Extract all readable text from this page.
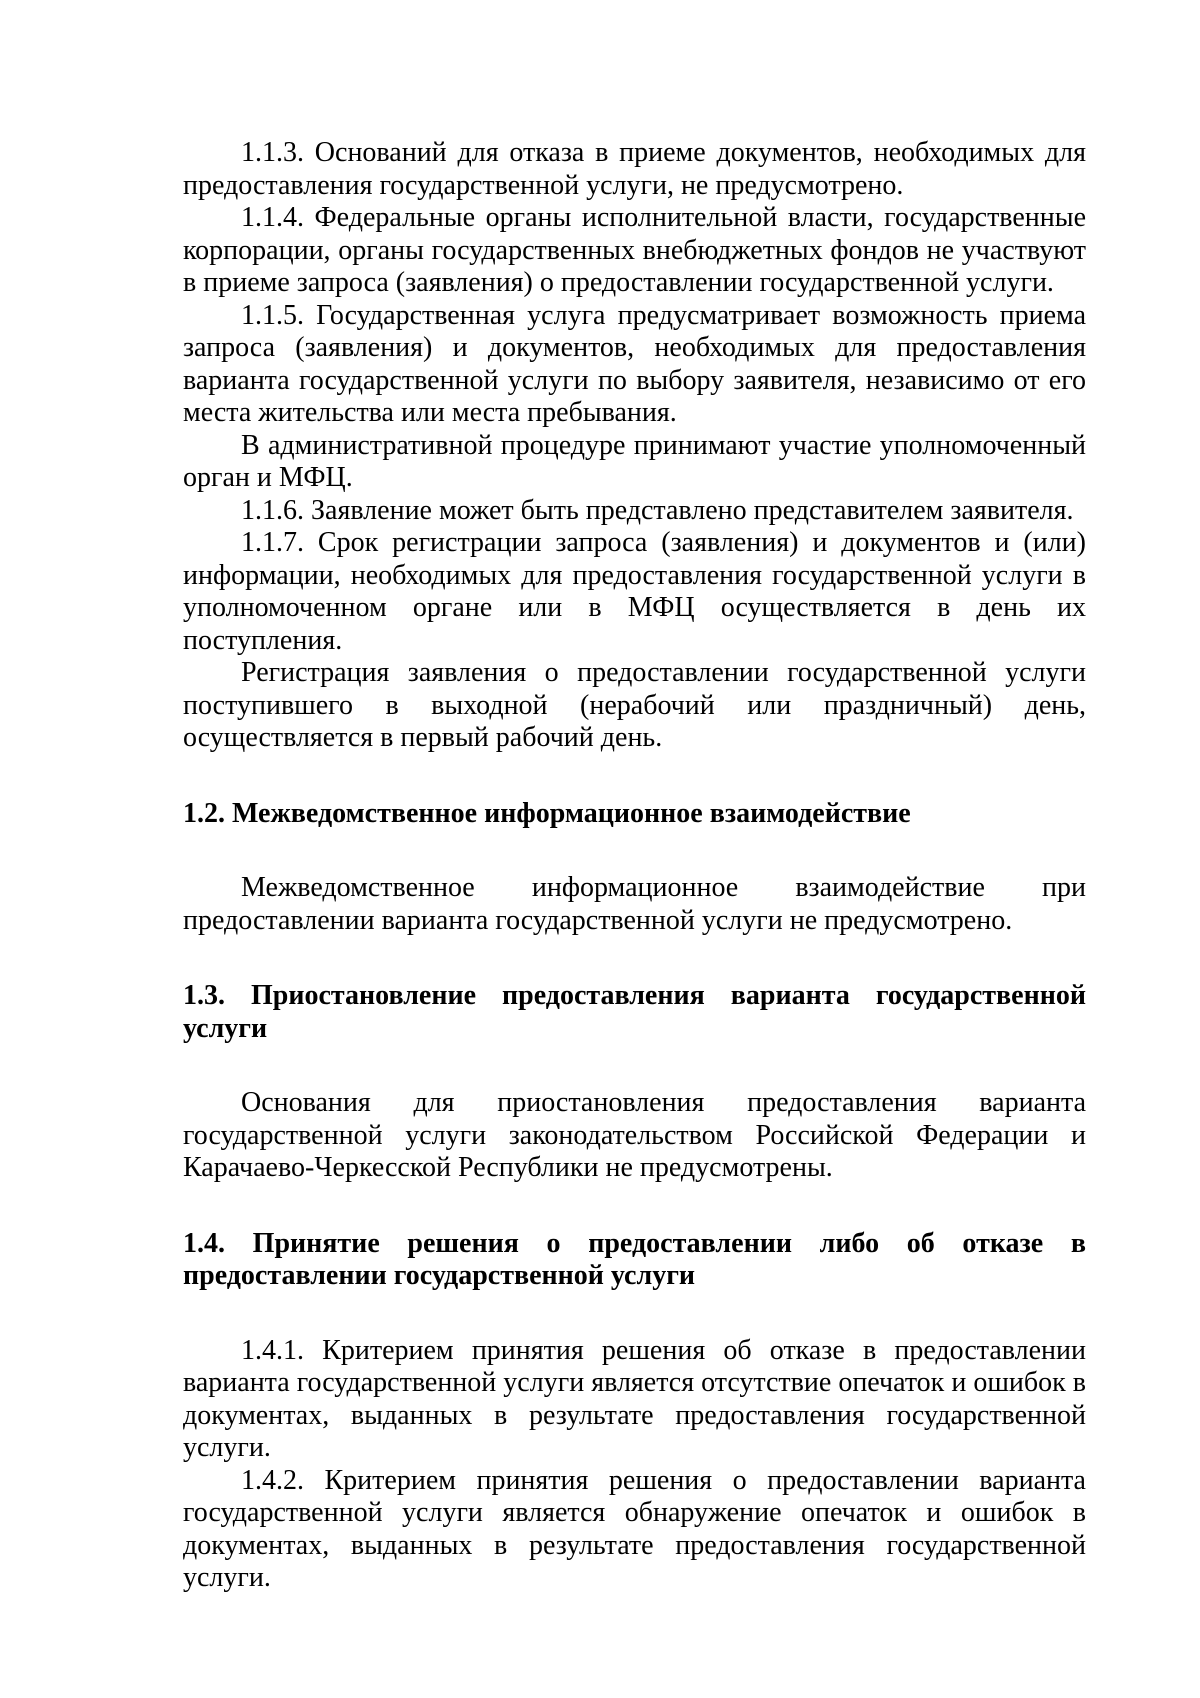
1.1.3. Оснований для отказа в приеме документов, необходимых для предоставления государственной услуги, не предусмотрено.

1.1.4. Федеральные органы исполнительной власти, государственные корпорации, органы государственных внебюджетных фондов не участвуют в приеме запроса (заявления) о предоставлении государственной услуги.

1.1.5. Государственная услуга предусматривает возможность приема запроса (заявления) и документов, необходимых для предоставления варианта государственной услуги по выбору заявителя, независимо от его места жительства или места пребывания.

В административной процедуре принимают участие уполномоченный орган и МФЦ.

1.1.6. Заявление может быть представлено представителем заявителя.

1.1.7. Срок регистрации запроса (заявления) и документов и (или) информации, необходимых для предоставления государственной услуги в уполномоченном органе или в МФЦ осуществляется в день их поступления.

Регистрация заявления о предоставлении государственной услуги поступившего в выходной (нерабочий или праздничный) день, осуществляется в первый рабочий день.

1.2. Межведомственное информационное взаимодействие

Межведомственное информационное взаимодействие при предоставлении варианта государственной услуги не предусмотрено.

1.3. Приостановление предоставления варианта государственной услуги

Основания для приостановления предоставления варианта государственной услуги законодательством Российской Федерации и Карачаево-Черкесской Республики не предусмотрены.

1.4. Принятие решения о предоставлении либо об отказе в предоставлении государственной услуги

1.4.1. Критерием принятия решения об отказе в предоставлении варианта государственной услуги является отсутствие опечаток и ошибок в документах, выданных в результате предоставления государственной услуги.

1.4.2. Критерием принятия решения о предоставлении варианта государственной услуги является обнаружение опечаток и ошибок в документах, выданных в результате предоставления государственной услуги.
